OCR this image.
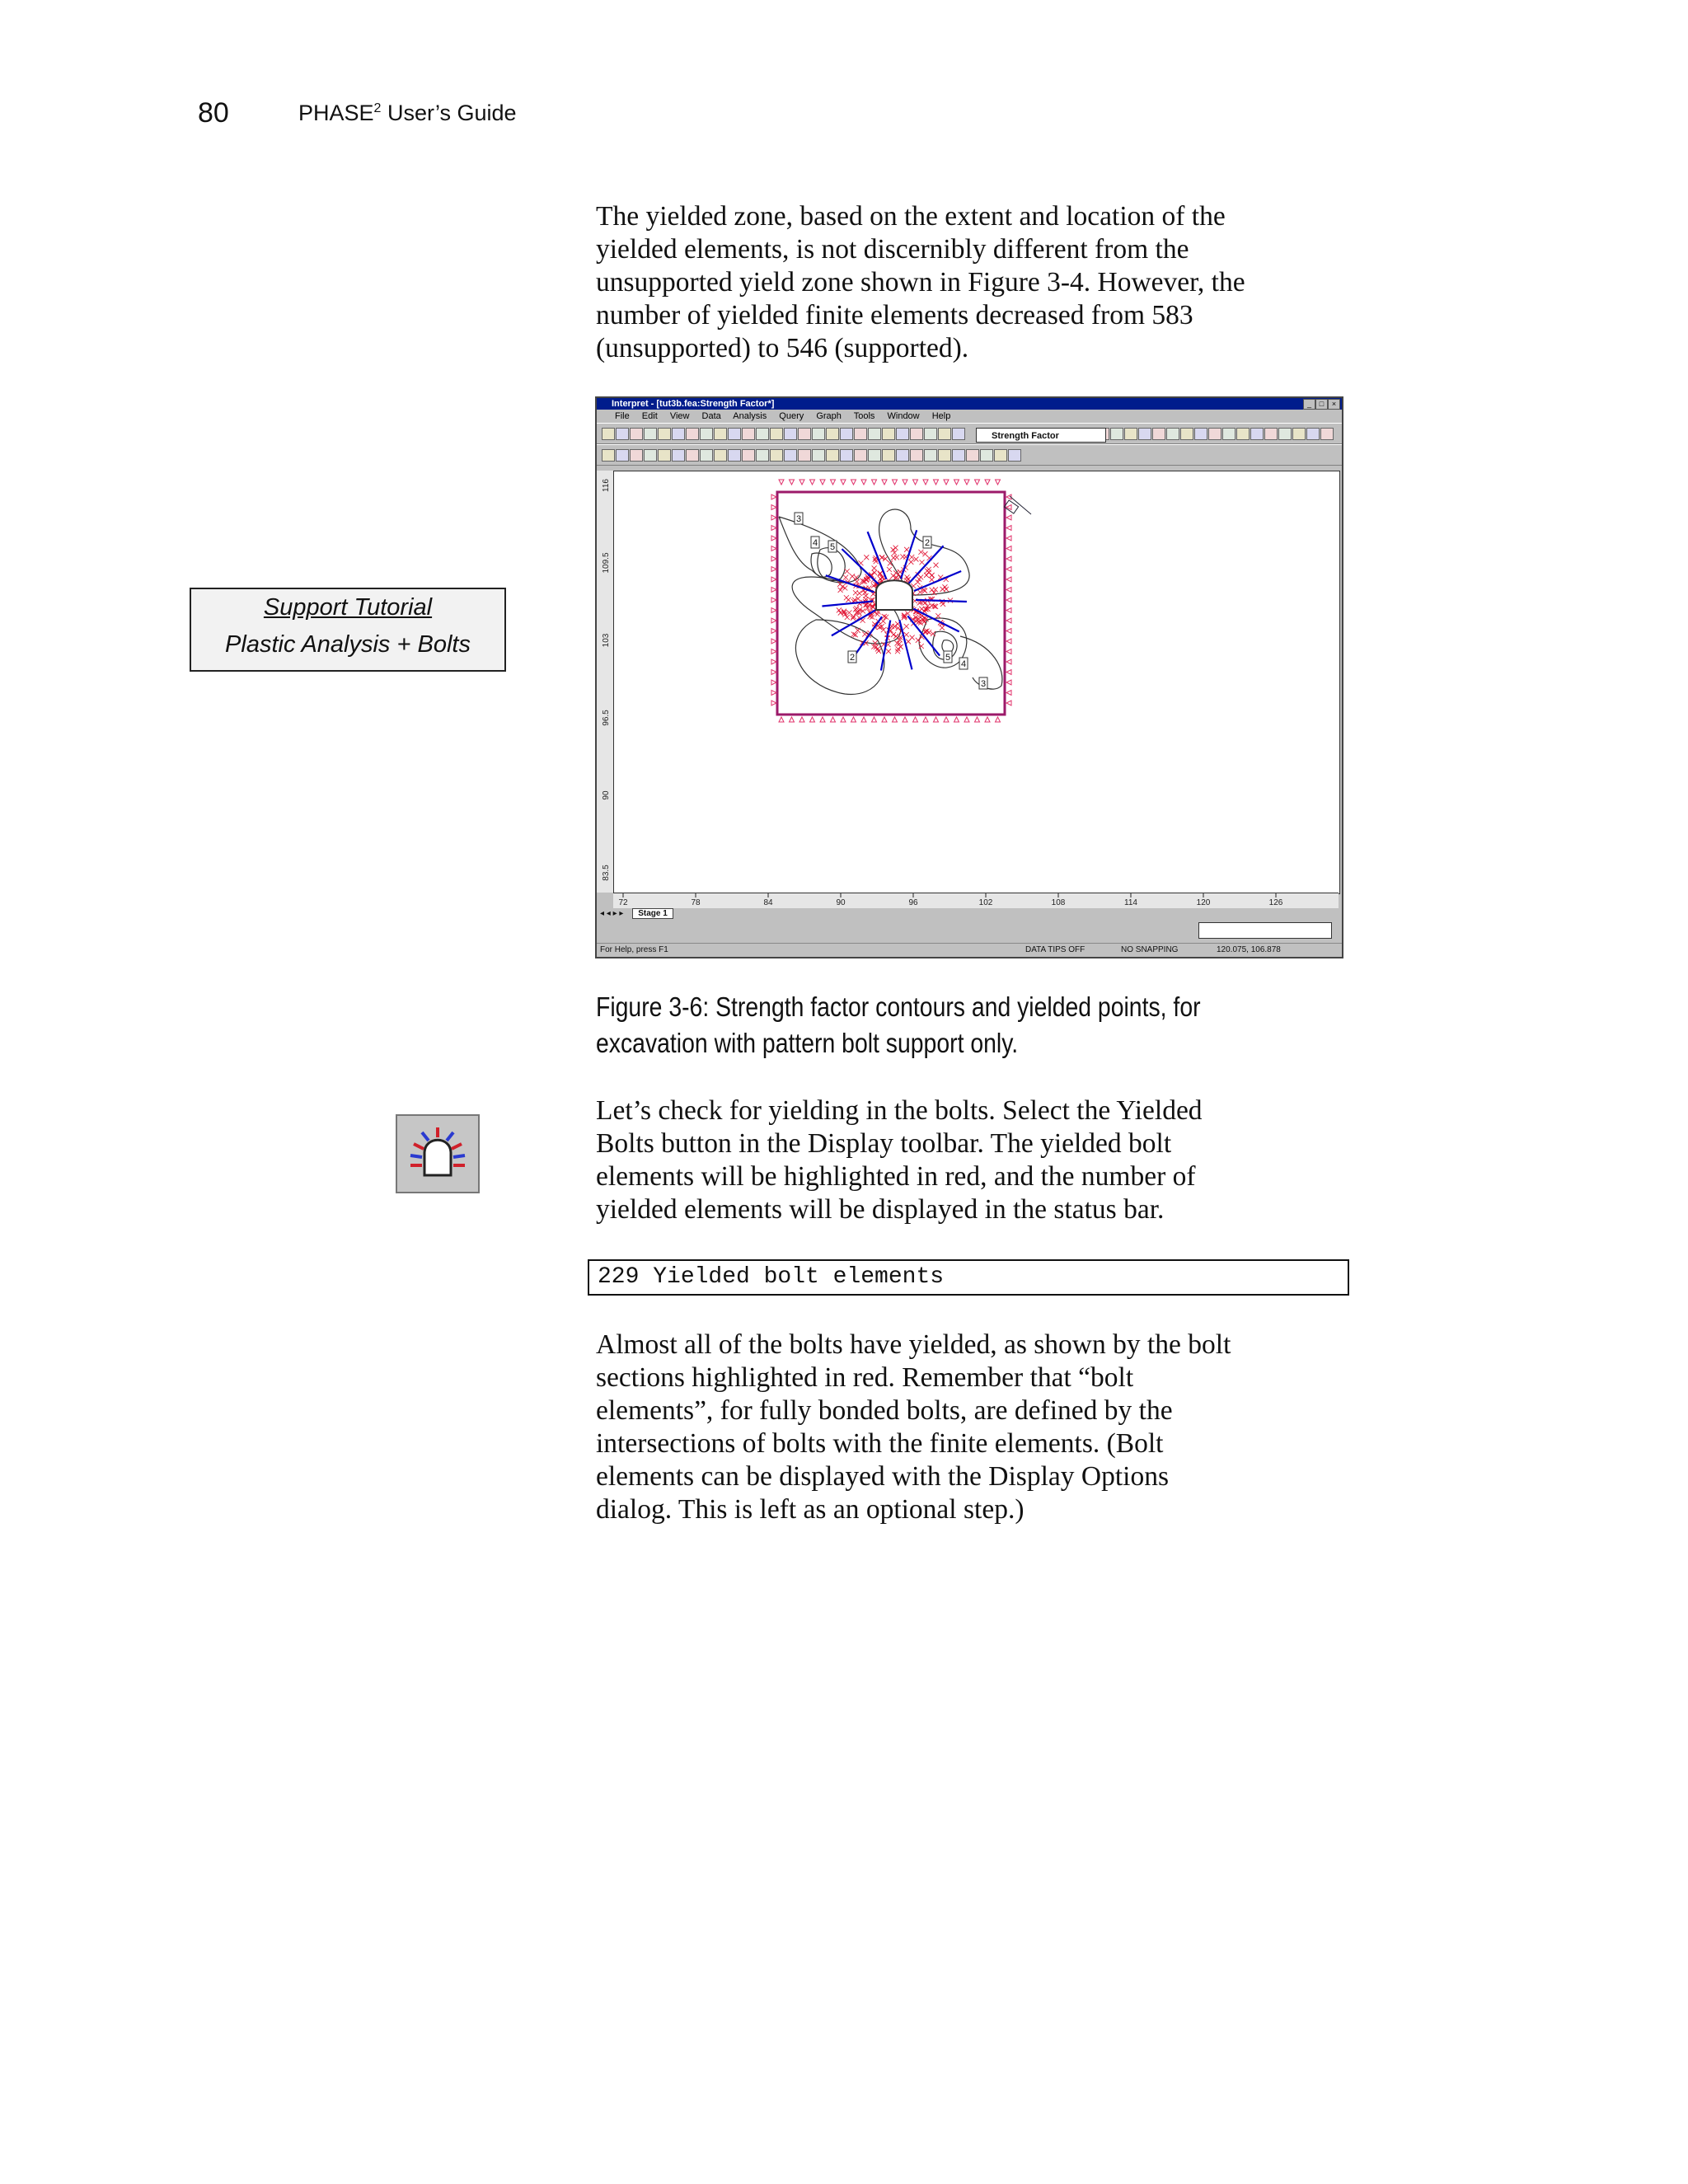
80	PHASE$^2$ User’s Guide
The yielded zone, based on the extent and location of the
yielded elements, is not discernibly different from the
unsupported yield zone shown in Figure 3-4. However, the
number of yielded finite elements decreased from 583
(unsupported) to 546 (supported).
Support Tutorial
Plastic Analysis + Bolts
Interpret - [tut3b.fea:Strength Factor*]	_	□	×
File Edit View Data Analysis Query Graph Tools Window Help
Strength Factor
116
109.5
103
96.5
90
83.5
3
4 5	2
2	5
4
3
72	78	84	90	96	102	108	114	120	126
◂ ◂ ▸ ▸ Stage 1
For Help, press F1	DATA TIPS OFF	NO SNAPPING	120.075, 106.878
Figure 3-6: Strength factor contours and yielded points, for
excavation with pattern bolt support only.
Let’s check for yielding in the bolts. Select the Yielded
Bolts button in the Display toolbar. The yielded bolt
elements will be highlighted in red, and the number of
yielded elements will be displayed in the status bar.
229 Yielded bolt elements
Almost all of the bolts have yielded, as shown by the bolt
sections highlighted in red. Remember that “bolt
elements”, for fully bonded bolts, are defined by the
intersections of bolts with the finite elements. (Bolt
elements can be displayed with the Display Options
dialog. This is left as an optional step.)
